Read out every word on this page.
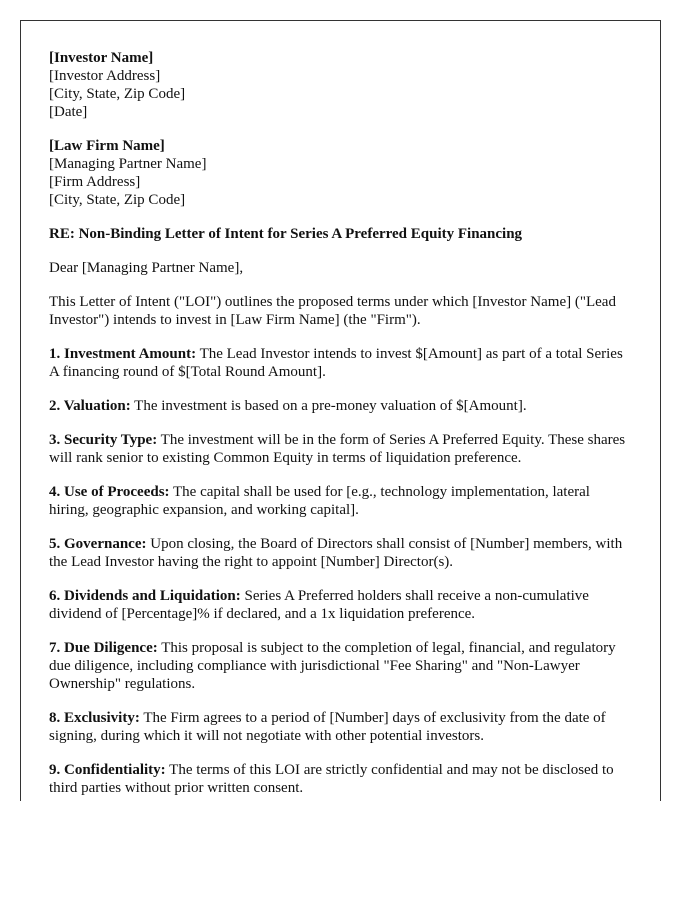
[Investor Name]
[Investor Address]
[City, State, Zip Code]
[Date]

[Law Firm Name]
[Managing Partner Name]
[Firm Address]
[City, State, Zip Code]

RE: Non-Binding Letter of Intent for Series A Preferred Equity Financing

Dear [Managing Partner Name],

This Letter of Intent ("LOI") outlines the proposed terms under which [Investor Name] ("Lead Investor") intends to invest in [Law Firm Name] (the "Firm").

1. Investment Amount: The Lead Investor intends to invest $[Amount] as part of a total Series A financing round of $[Total Round Amount].

2. Valuation: The investment is based on a pre-money valuation of $[Amount].

3. Security Type: The investment will be in the form of Series A Preferred Equity. These shares will rank senior to existing Common Equity in terms of liquidation preference.

4. Use of Proceeds: The capital shall be used for [e.g., technology implementation, lateral hiring, geographic expansion, and working capital].

5. Governance: Upon closing, the Board of Directors shall consist of [Number] members, with the Lead Investor having the right to appoint [Number] Director(s).

6. Dividends and Liquidation: Series A Preferred holders shall receive a non-cumulative dividend of [Percentage]% if declared, and a 1x liquidation preference.

7. Due Diligence: This proposal is subject to the completion of legal, financial, and regulatory due diligence, including compliance with jurisdictional "Fee Sharing" and "Non-Lawyer Ownership" regulations.

8. Exclusivity: The Firm agrees to a period of [Number] days of exclusivity from the date of signing, during which it will not negotiate with other potential investors.

9. Confidentiality: The terms of this LOI are strictly confidential and may not be disclosed to third parties without prior written consent.
